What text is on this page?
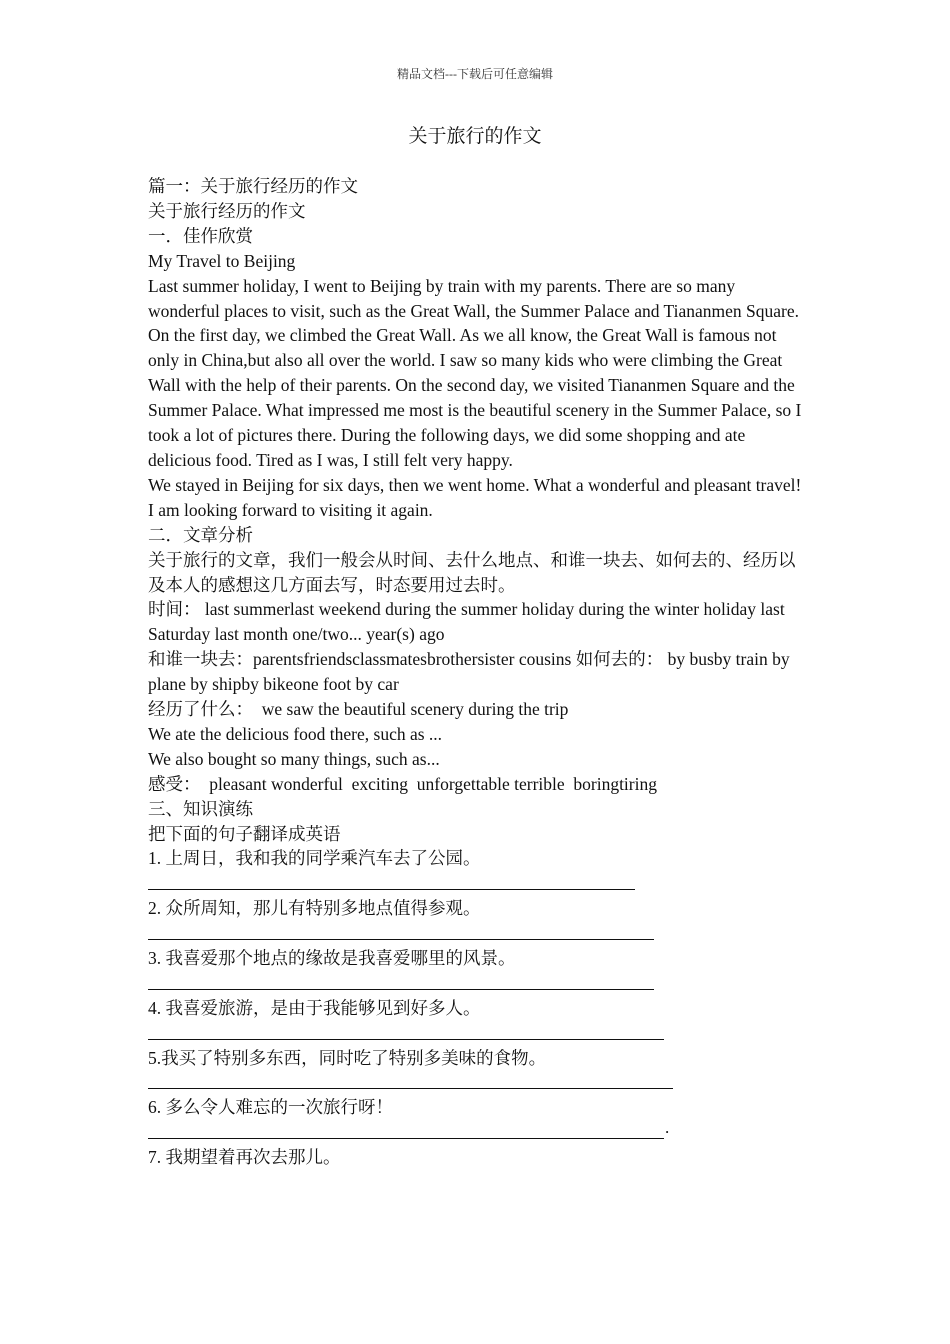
精品文档---下载后可任意编辑
关于旅行的作文
篇一：关于旅行经历的作文
关于旅行经历的作文
一．佳作欣赏
My Travel to Beijing
Last summer holiday, I went to Beijing by train with my parents. There are so many wonderful places to visit, such as the Great Wall, the Summer Palace and Tiananmen Square.
On the first day, we climbed the Great Wall. As we all know, the Great Wall is famous not only in China,but also all over the world. I saw so many kids who were climbing the Great Wall with the help of their parents. On the second day, we visited Tiananmen Square and the Summer Palace. What impressed me most is the beautiful scenery in the Summer Palace, so I took a lot of pictures there. During the following days, we did some shopping and ate delicious food. Tired as I was, I still felt very happy.
We stayed in Beijing for six days, then we went home. What a wonderful and pleasant travel! I am looking forward to visiting it again.
二．文章分析
关于旅行的文章，我们一般会从时间、去什么地点、和谁一块去、如何去的、经历以及本人的感想这几方面去写，时态要用过去时。
时间： last summerlast weekend during the summer holiday during the winter holiday last Saturday last month one/two... year(s) ago
和谁一块去：parentsfriendsclassmatesbrothersister cousins 如何去的： by busby train by plane by shipby bikeone foot by car
经历了什么：  we saw the beautiful scenery during the trip
We ate the delicious food there, such as ...
We also bought so many things, such as...
感受：  pleasant wonderful  exciting  unforgettable terrible  boringtiring
三、知识演练
把下面的句子翻译成英语
1. 上周日，我和我的同学乘汽车去了公园。
2. 众所周知，那儿有特别多地点值得参观。
3. 我喜爱那个地点的缘故是我喜爱哪里的风景。
4. 我喜爱旅游，是由于我能够见到好多人。
5.我买了特别多东西，同时吃了特别多美味的食物。
6. 多么令人难忘的一次旅行呀！
.
7. 我期望着再次去那儿。
